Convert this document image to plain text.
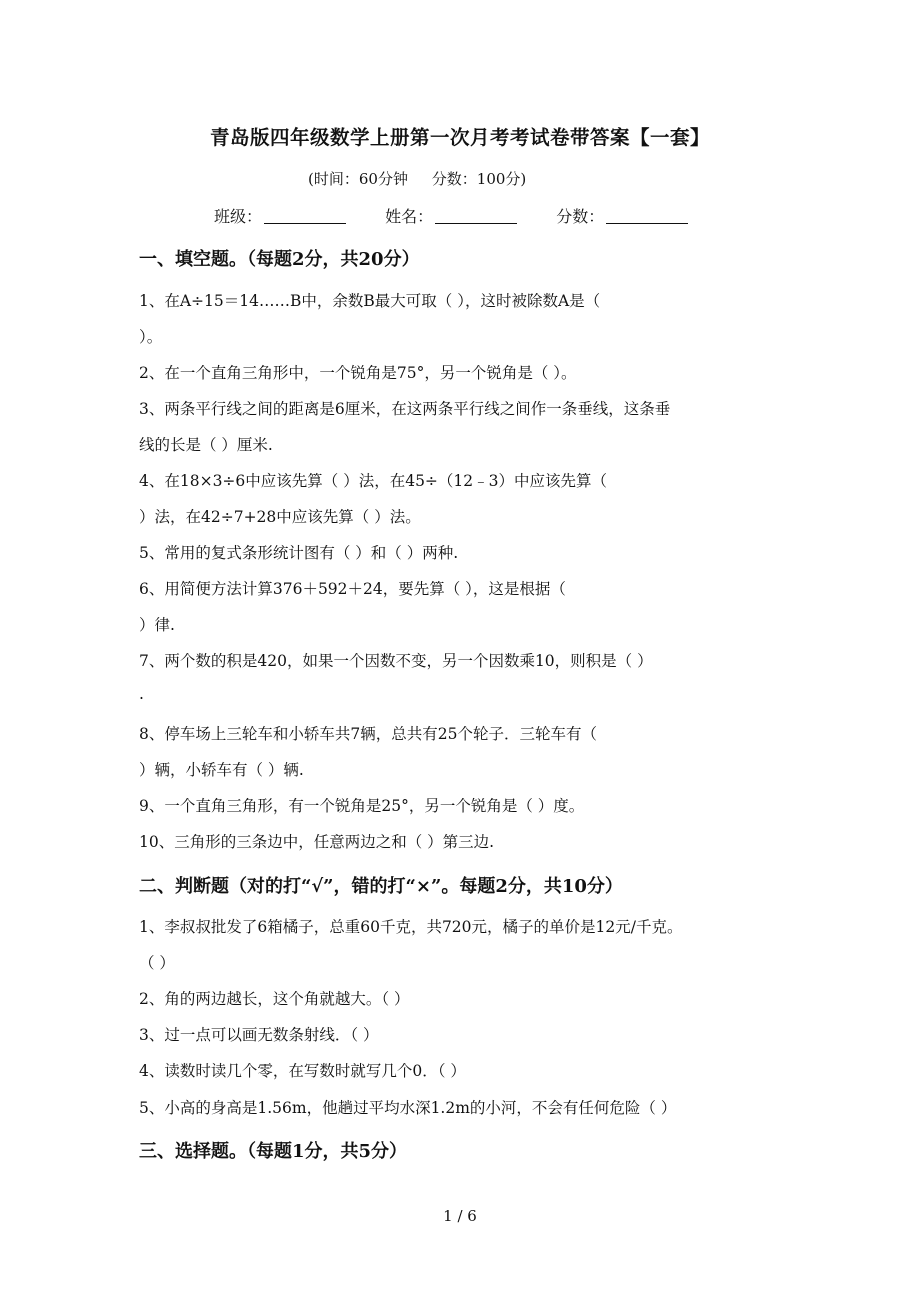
青岛版四年级数学上册第一次月考考试卷带答案【一套】
(时间：60分钟     分数：100分)
班级：	姓名：	分数：
一、填空题。（每题2分，共20分）
1、在A÷15＝14……B中，余数B最大可取（ ），这时被除数A是（
）。
2、在一个直角三角形中，一个锐角是75°，另一个锐角是（ ）。
3、两条平行线之间的距离是6厘米，在这两条平行线之间作一条垂线，这条垂
线的长是（ ）厘米.
4、在18×3÷6中应该先算（ ）法，在45÷（12﹣3）中应该先算（
）法，在42÷7+28中应该先算（ ）法。
5、常用的复式条形统计图有（ ）和（ ）两种.
6、用简便方法计算376＋592＋24，要先算（ ），这是根据（
）律.
7、两个数的积是420，如果一个因数不变，另一个因数乘10，则积是（ ）
.
8、停车场上三轮车和小轿车共7辆，总共有25个轮子．三轮车有（
）辆，小轿车有（ ）辆.
9、一个直角三角形，有一个锐角是25°，另一个锐角是（ ）度。
10、三角形的三条边中，任意两边之和（ ）第三边.
二、判断题（对的打“√”，错的打“×”。每题2分，共10分）
1、李叔叔批发了6箱橘子，总重60千克，共720元，橘子的单价是12元/千克。
（ ）
2、角的两边越长，这个角就越大。（ ）
3、过一点可以画无数条射线．（ ）
4、读数时读几个零，在写数时就写几个0．（ ）
5、小高的身高是1.56m，他趟过平均水深1.2m的小河，不会有任何危险（ ）
三、选择题。（每题1分，共5分）
1 / 6
